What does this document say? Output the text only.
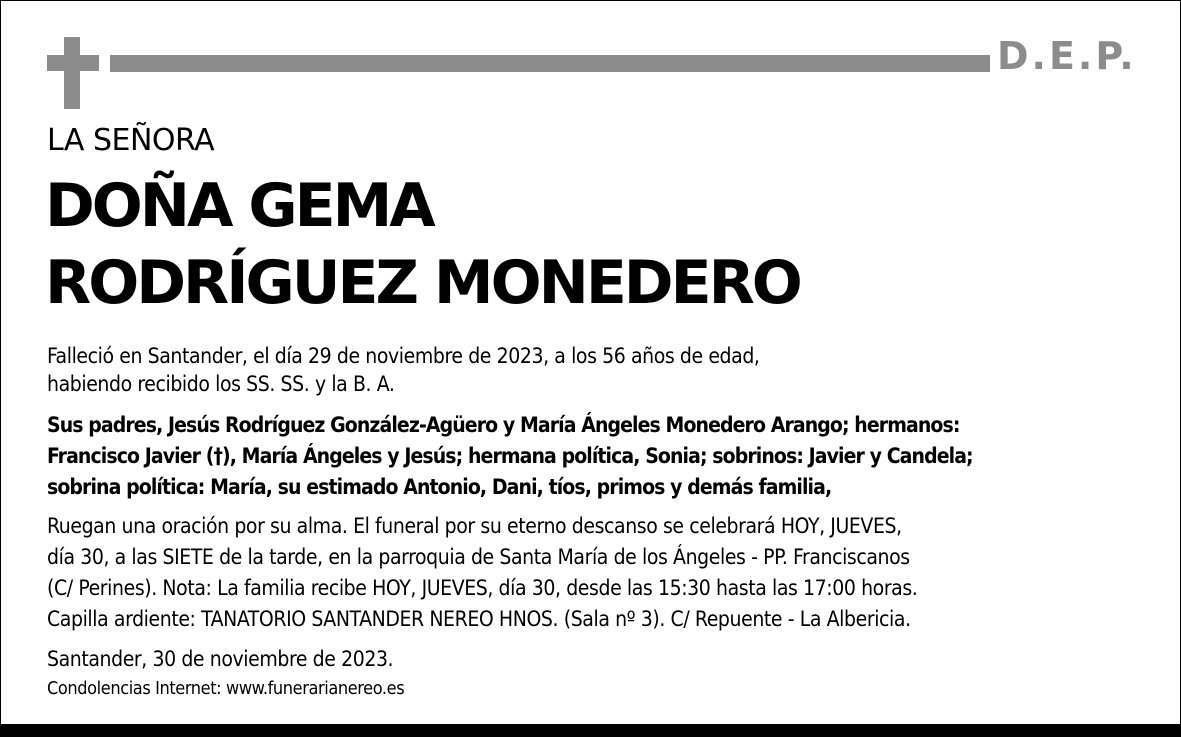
D.E.P.
LA SEÑORA
DOÑA GEMA
RODRÍGUEZ MONEDERO
Falleció en Santander, el día 29 de noviembre de 2023, a los 56 años de edad,
habiendo recibido los SS. SS. y la B. A.
Sus padres, Jesús Rodríguez González-Agüero y María Ángeles Monedero Arango; hermanos:
Francisco Javier (†), María Ángeles y Jesús; hermana política, Sonia; sobrinos: Javier y Candela;
sobrina política: María, su estimado Antonio, Dani, tíos, primos y demás familia,
Ruegan una oración por su alma. El funeral por su eterno descanso se celebrará HOY, JUEVES,
día 30, a las SIETE de la tarde, en la parroquia de Santa María de los Ángeles - PP. Franciscanos
(C/ Perines). Nota: La familia recibe HOY, JUEVES, día 30, desde las 15:30 hasta las 17:00 horas.
Capilla ardiente: TANATORIO SANTANDER NEREO HNOS. (Sala nº 3). C/ Repuente - La Albericia.
Santander, 30 de noviembre de 2023.
Condolencias Internet: www.funerarianereo.es
